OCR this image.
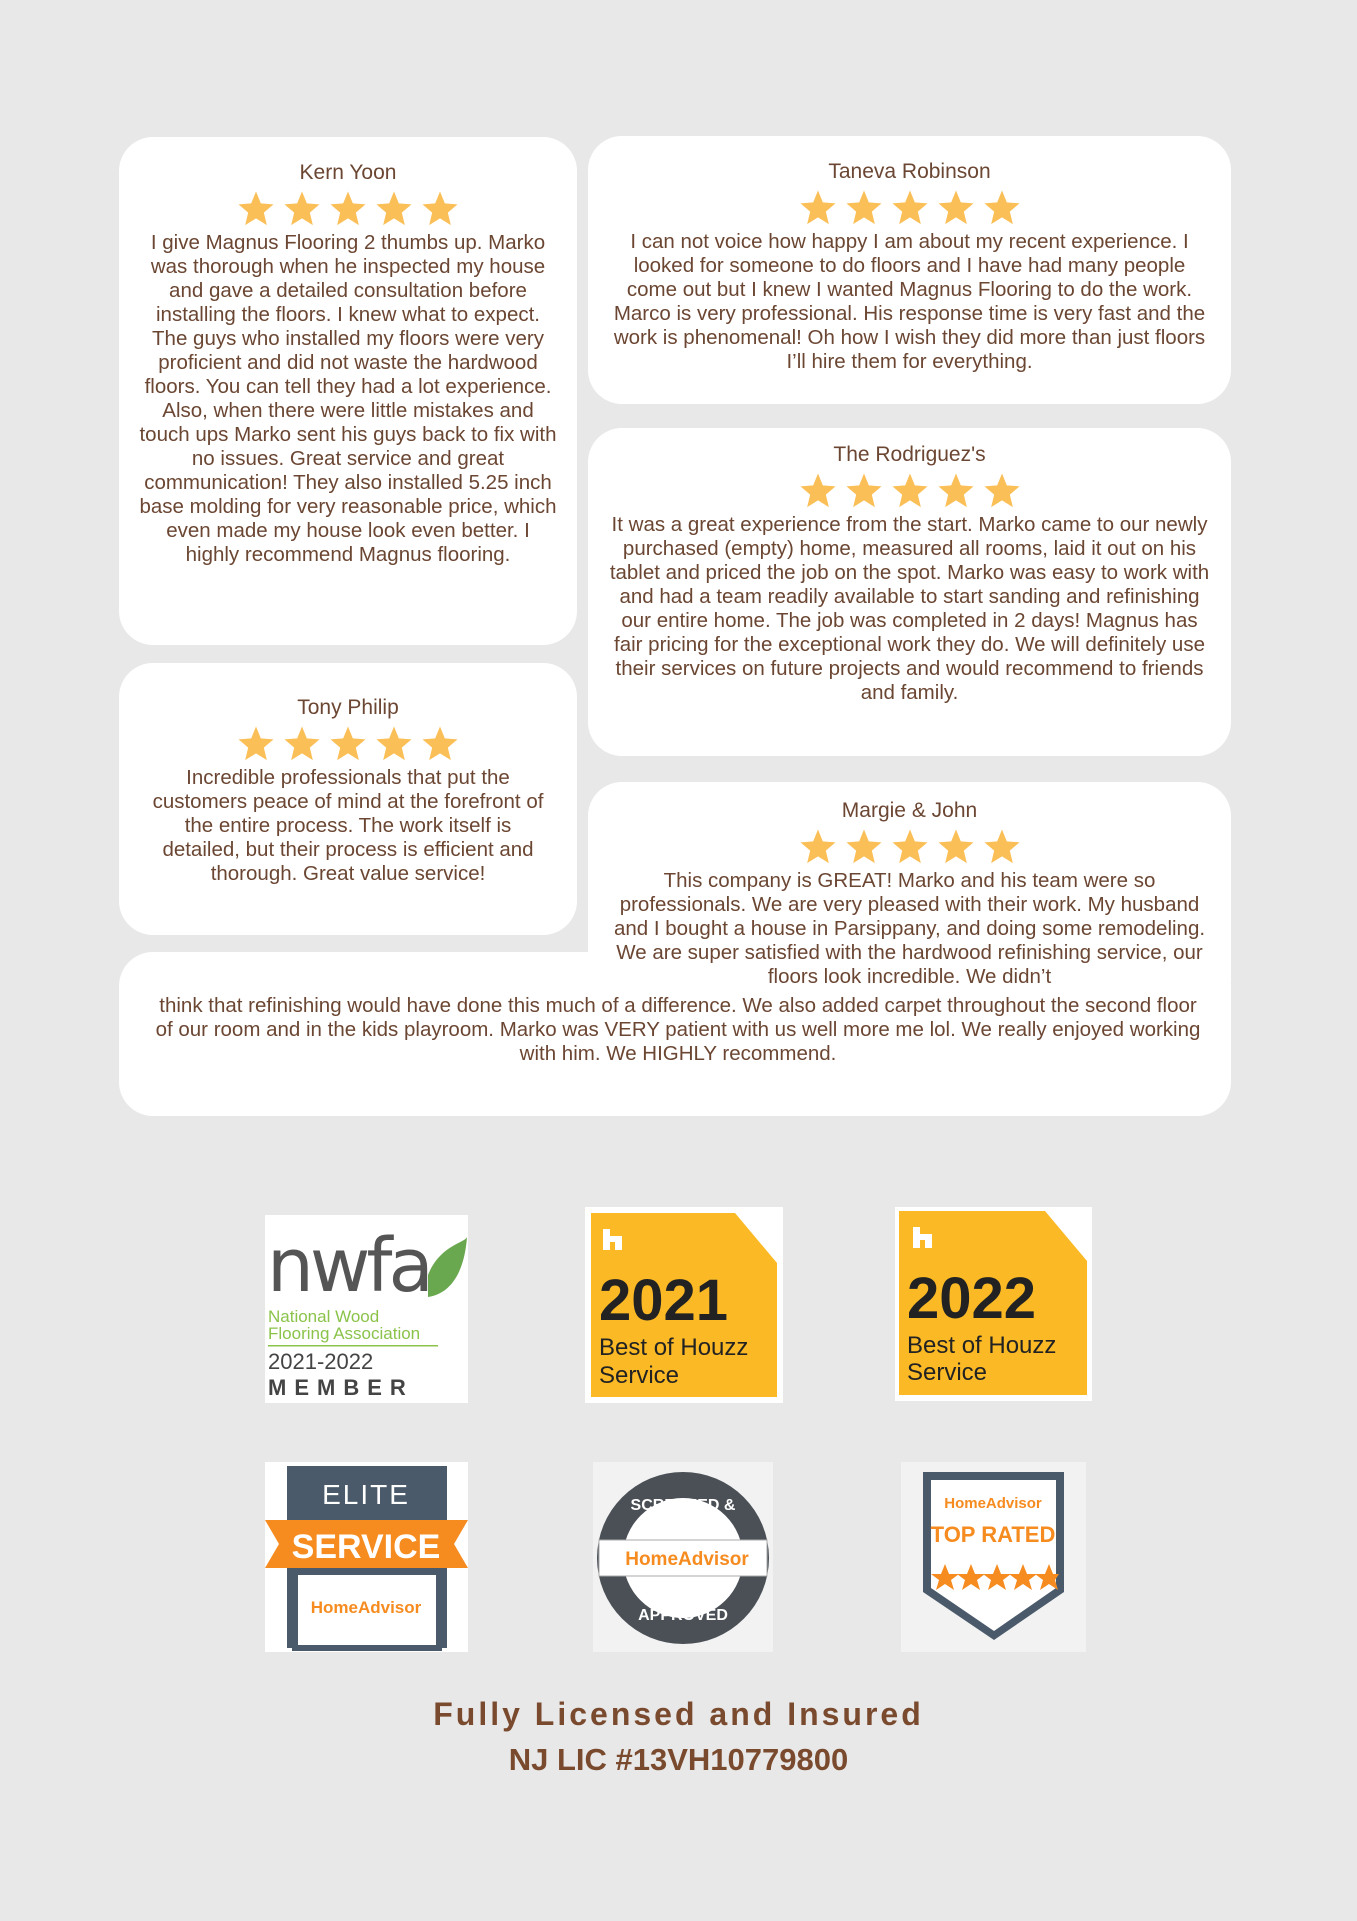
Kern Yoon
I give Magnus Flooring 2 thumbs up. Marko was thorough when he inspected my house and gave a detailed consultation before installing the floors. I knew what to expect. The guys who installed my floors were very proficient and did not waste the hardwood floors. You can tell they had a lot experience. Also, when there were little mistakes and touch ups Marko sent his guys back to fix with no issues. Great service and great communication! They also installed 5.25 inch base molding for very reasonable price, which even made my house look even better. I highly recommend Magnus flooring.
Taneva Robinson
I can not voice how happy I am about my recent experience. I looked for someone to do floors and I have had many people come out but I knew I wanted Magnus Flooring to do the work. Marco is very professional. His response time is very fast and the work is phenomenal! Oh how I wish they did more than just floors I’ll hire them for everything.
The Rodriguez's
It was a great experience from the start. Marko came to our newly purchased (empty) home, measured all rooms, laid it out on his tablet and priced the job on the spot. Marko was easy to work with and had a team readily available to start sanding and refinishing our entire home. The job was completed in 2 days! Magnus has fair pricing for the exceptional work they do. We will definitely use their services on future projects and would recommend to friends and family.
Tony Philip
Incredible professionals that put the customers peace of mind at the forefront of the entire process. The work itself is detailed, but their process is efficient and thorough. Great value service!
Margie & John
This company is GREAT! Marko and his team were so professionals. We are very pleased with their work. My husband and I bought a house in Parsippany, and doing some remodeling. We are super satisfied with the hardwood refinishing service, our floors look incredible. We didn’t
think that refinishing would have done this much of a difference. We also added carpet throughout the second floor of our room and in the kids playroom. Marko was VERY patient with us well more me lol. We really enjoyed working with him. We HIGHLY recommend.
nwfa
National Wood
Flooring Association
2021-2022
MEMBER
2021
Best of Houzz
Service
2022
Best of Houzz
Service
ELITE
SERVICE
HomeAdvisor
SCREENED &
HomeAdvisor
APPROVED
HomeAdvisor
TOP RATED
Fully Licensed and Insured
NJ LIC #13VH10779800
